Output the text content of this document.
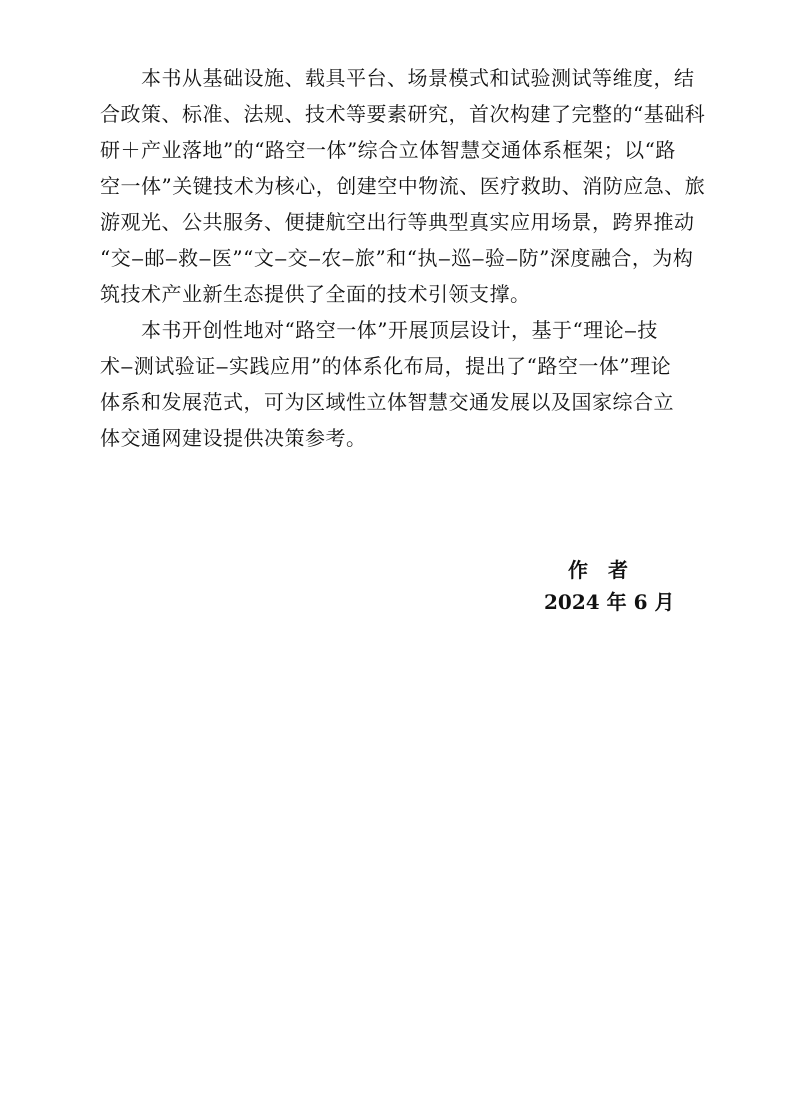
本书从基础设施、载具平台、场景模式和试验测试等维度，结
合政策、标准、法规、技术等要素研究，首次构建了完整的“基础科
研＋产业落地”的“路空一体”综合立体智慧交通体系框架；以“路
空一体”关键技术为核心，创建空中物流、医疗救助、消防应急、旅
游观光、公共服务、便捷航空出行等典型真实应用场景，跨界推动
“交‒邮‒救‒医”“文‒交‒农‒旅”和“执‒巡‒验‒防”深度融合，为构
筑技术产业新生态提供了全面的技术引领支撑。
本书开创性地对“路空一体”开展顶层设计，基于“理论‒技
术‒测试验证‒实践应用”的体系化布局，提出了“路空一体”理论
体系和发展范式，可为区域性立体智慧交通发展以及国家综合立
体交通网建设提供决策参考。
作　者
2024 年 6 月
